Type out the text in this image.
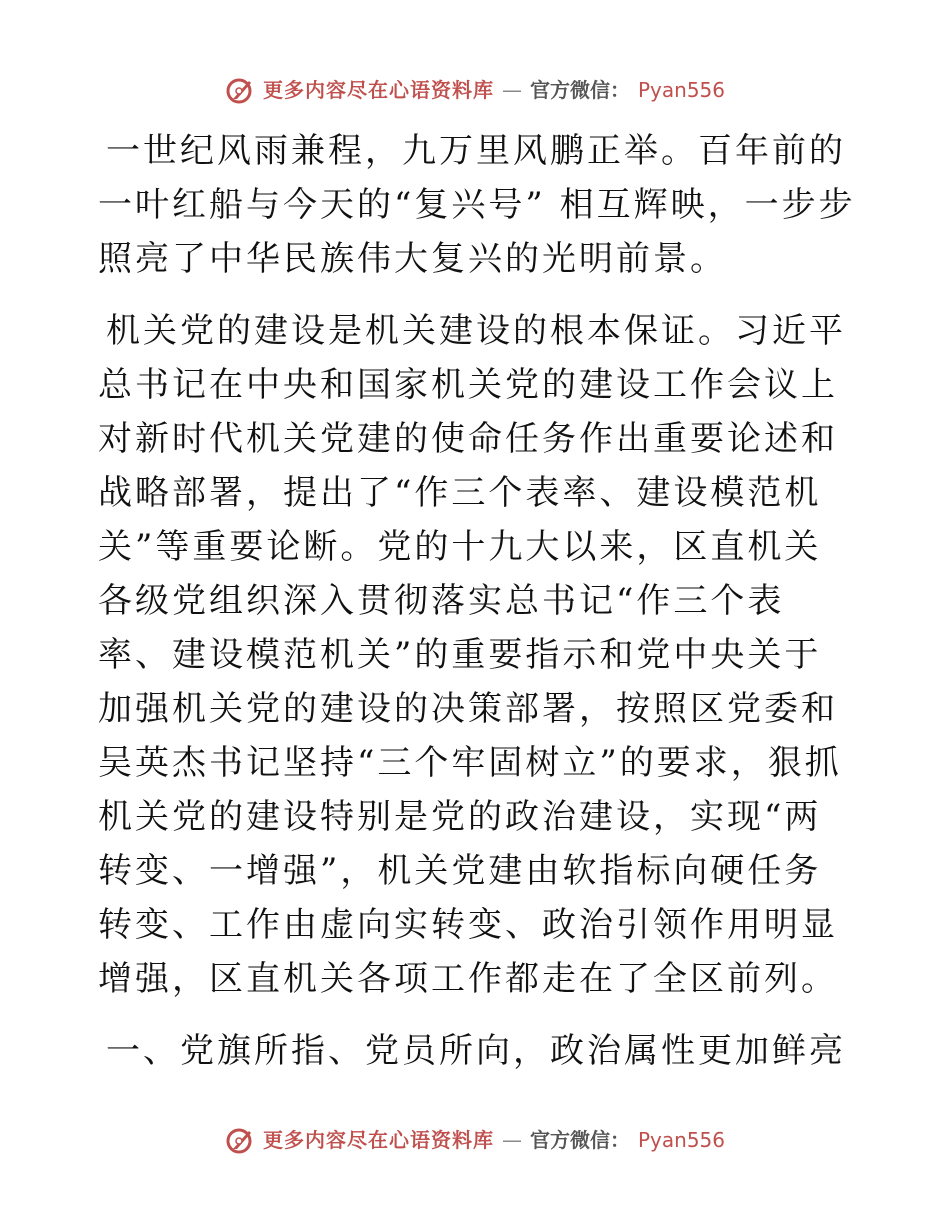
更多内容尽在心语资料库 — 官方微信： Pyan556

一世纪风雨兼程，九万里风鹏正举。百年前的一叶红船与今天的“复兴号” 相互辉映，一步步照亮了中华民族伟大复兴的光明前景。

机关党的建设是机关建设的根本保证。习近平总书记在中央和国家机关党的建设工作会议上对新时代机关党建的使命任务作出重要论述和战略部署，提出了“作三个表率、建设模范机关”等重要论断。党的十九大以来，区直机关各级党组织深入贯彻落实总书记“作三个表率、建设模范机关”的重要指示和党中央关于加强机关党的建设的决策部署，按照区党委和吴英杰书记坚持“三个牢固树立”的要求，狠抓机关党的建设特别是党的政治建设，实现“两转变、一增强”，机关党建由软指标向硬任务转变、工作由虚向实转变、政治引领作用明显增强，区直机关各项工作都走在了全区前列。

一、党旗所指、党员所向，政治属性更加鲜亮

更多内容尽在心语资料库 — 官方微信： Pyan556
